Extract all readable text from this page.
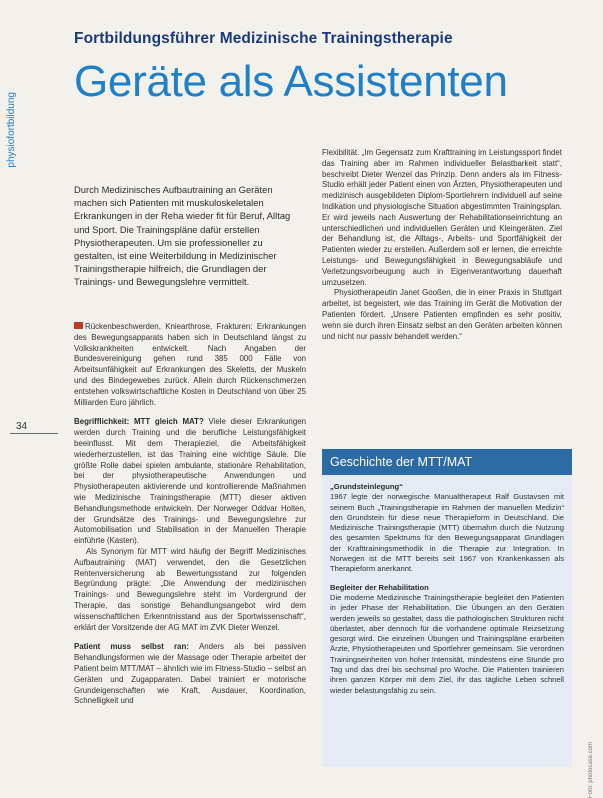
Fortbildungsführer Medizinische Trainingstherapie
Geräte als Assistenten
physiofortbildung
34
Durch Medizinisches Aufbautraining an Geräten machen sich Patienten mit muskuloskeletalen Erkrankungen in der Reha wieder fit für Beruf, Alltag und Sport. Die Trainingspläne dafür erstellen Physiotherapeuten. Um sie professioneller zu gestalten, ist eine Weiterbildung in Medizinischer Trainingstherapie hilfreich, die Grundlagen der Trainings- und Bewegungslehre vermittelt.

Rückenbeschwerden, Kniearthrose, Frakturen: Erkrankungen des Bewegungsapparats haben sich in Deutschland längst zu Volkskrankheiten entwickelt. Nach Angaben der Bundesvereinigung gehen rund 385 000 Fälle von Arbeitsunfähigkeit auf Erkrankungen des Skeletts, der Muskeln und des Bindegewebes zurück. Allein durch Rückenschmerzen entstehen volkswirtschaftliche Kosten in Deutschland von über 25 Milliarden Euro jährlich.

Begrifflichkeit: MTT gleich MAT? Viele dieser Erkrankungen werden durch Training und die berufliche Leistungsfähigkeit beeinflusst. Mit dem Therapieziel, die Arbeitsfähigkeit wiederherzustellen, ist das Training eine wichtige Säule. Die größte Rolle dabei spielen ambulante, stationäre Rehabilitation, bei der physiotherapeutische Anwendungen und Physiotherapeuten aktivierende und kontrollierende Maßnahmen wie Medizinische Trainingstherapie (MTT) dieser aktiven Behandlungsmethode entwickeln. Der Norweger Oddvar Holten, der Grundsätze des Trainings- und Bewegungslehre zur Automobilisation und Stabilisation in der Manuellen Therapie einführte (Kasten).

Als Synonym für MTT wird häufig der Begriff Medizinisches Aufbautraining (MAT) verwendet, den die Gesetzlichen Rentenversicherung ab Bewertungsstand zur folgenden Begründung prägte: „Die Anwendung der medizinischen Trainings- und Bewegungslehre steht im Vordergrund der Therapie, das sonstige Behandlungsangebot wird dem wissenschaftlichen Erkenntnisstand aus der Sportwissenschaft“, erklärt der Vorsitzende der AG MAT im ZVK Dieter Wenzel.

Patient muss selbst ran: Anders als bei passiven Behandlungsformen wie der Massage oder Therapie arbeitet der Patient beim MTT/MAT – ähnlich wie im Fitness-Studio – selbst an Geräten und Zugapparaten. Dabei trainiert er motorische Grundeigenschaften wie Kraft, Ausdauer, Koordination, Schnelligkeit und

Flexibilität. „Im Gegensatz zum Krafttraining im Leistungssport findet das Training aber im Rahmen individueller Belastbarkeit statt“, beschreibt Dieter Wenzel das Prinzip. Denn anders als im Fitness-Studio erhält jeder Patient einen von Ärzten, Physiotherapeuten und medizinisch ausgebildeten Diplom-Sportlehrern individuell auf seine Indikation und physiologische Situation abgestimmten Trainingsplan. Er wird jeweils nach Auswertung der Rehabilitationseinrichtung an unterschiedlichen und individuellen Geräten und Kleingeräten. Ziel der Behandlung ist, die Alltags-, Arbeits- und Sportfähigkeit der Patienten wieder zu erstellen. Außerdem soll er lernen, die erreichte Leistungs- und Bewegungsfähigkeit in Bewegungsabläufe und Verletzungsvorbeugung auch in Eigenverantwortung dauerhaft umzusetzen.

Physiotherapeutin Janet Gooßen, die in einer Praxis in Stuttgart arbeitet, ist begeistert, wie das Training im Gerät die Motivation der Patienten fördert. „Unsere Patienten empfinden es sehr positiv, wenn sie durch ihren Einsatz selbst an den Geräten arbeiten können und nicht nur passiv behandelt werden.“

Geschichte der MTT/MAT
„Grundsteinlegung“

1967 legte der norwegische Manualtherapeut Ralf Gustavsen mit seinem Buch „Trainingstherapie im Rahmen der manuellen Medizin“ den Grundstein für diese neue Therapieform in Deutschland. Die Medizinische Trainingstherapie (MTT) übernahm durch die Nutzung des gesamten Spektrums für den Bewegungsapparat Grundlagen der Krafttrainingsmethodik in die Therapie zur Integration. In Norwegen ist die MTT bereits seit 1967 von Krankenkassen als Therapieform anerkannt.

Begleiter der Rehabilitation

Die moderne Medizinische Trainingstherapie begleitet den Patienten in jeder Phase der Rehabilitation. Die Übungen an den Geräten werden jeweils so gestaltet, dass die pathologischen Strukturen nicht überlastet, aber dennoch für die vorhandene optimale Reizsetzung gesorgt wird. Die einzelnen Übungen und Trainingspläne erarbeiten Ärzte, Physiotherapeuten und Sportlehrer gemeinsam. Sie verordnen Trainingseinheiten von hoher Intensität, mindestens eine Stunde pro Tag und das drei bis sechsmal pro Woche. Die Patienten trainieren ihren ganzen Körper mit dem Ziel, ihr das tägliche Leben schnell wieder belastungsfähig zu sein.

Foto: photocase.com
